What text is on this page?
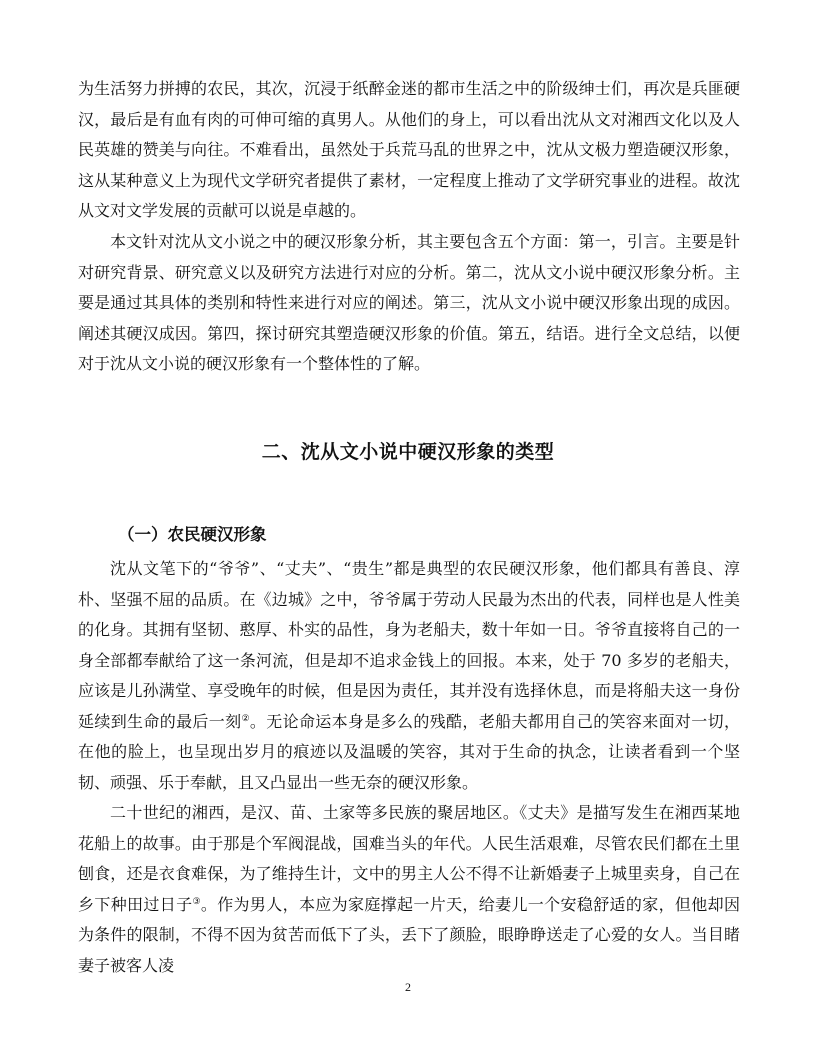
为生活努力拼搏的农民，其次，沉浸于纸醉金迷的都市生活之中的阶级绅士们，再次是兵匪硬汉，最后是有血有肉的可伸可缩的真男人。从他们的身上，可以看出沈从文对湘西文化以及人民英雄的赞美与向往。不难看出，虽然处于兵荒马乱的世界之中，沈从文极力塑造硬汉形象，这从某种意义上为现代文学研究者提供了素材，一定程度上推动了文学研究事业的进程。故沈从文对文学发展的贡献可以说是卓越的。

本文针对沈从文小说之中的硬汉形象分析，其主要包含五个方面：第一，引言。主要是针对研究背景、研究意义以及研究方法进行对应的分析。第二，沈从文小说中硬汉形象分析。主要是通过其具体的类别和特性来进行对应的阐述。第三，沈从文小说中硬汉形象出现的成因。阐述其硬汉成因。第四，探讨研究其塑造硬汉形象的价值。第五，结语。进行全文总结，以便对于沈从文小说的硬汉形象有一个整体性的了解。

二、沈从文小说中硬汉形象的类型
（一）农民硬汉形象

沈从文笔下的“爷爷”、“丈夫”、“贵生”都是典型的农民硬汉形象，他们都具有善良、淳朴、坚强不屈的品质。在《边城》之中，爷爷属于劳动人民最为杰出的代表，同样也是人性美的化身。其拥有坚韧、憨厚、朴实的品性，身为老船夫，数十年如一日。爷爷直接将自己的一身全部都奉献给了这一条河流，但是却不追求金钱上的回报。本来，处于 70 多岁的老船夫，应该是儿孙满堂、享受晚年的时候，但是因为责任，其并没有选择休息，而是将船夫这一身份延续到生命的最后一刻②。无论命运本身是多么的残酷，老船夫都用自己的笑容来面对一切，在他的脸上，也呈现出岁月的痕迹以及温暖的笑容，其对于生命的执念，让读者看到一个坚韧、顽强、乐于奉献，且又凸显出一些无奈的硬汉形象。

二十世纪的湘西，是汉、苗、土家等多民族的聚居地区。《丈夫》是描写发生在湘西某地花船上的故事。由于那是个军阀混战，国难当头的年代。人民生活艰难，尽管农民们都在土里刨食，还是衣食难保，为了维持生计，文中的男主人公不得不让新婚妻子上城里卖身，自己在乡下种田过日子③。作为男人，本应为家庭撑起一片天，给妻儿一个安稳舒适的家，但他却因为条件的限制，不得不因为贫苦而低下了头，丢下了颜脸，眼睁睁送走了心爱的女人。当目睹妻子被客人凌

2
